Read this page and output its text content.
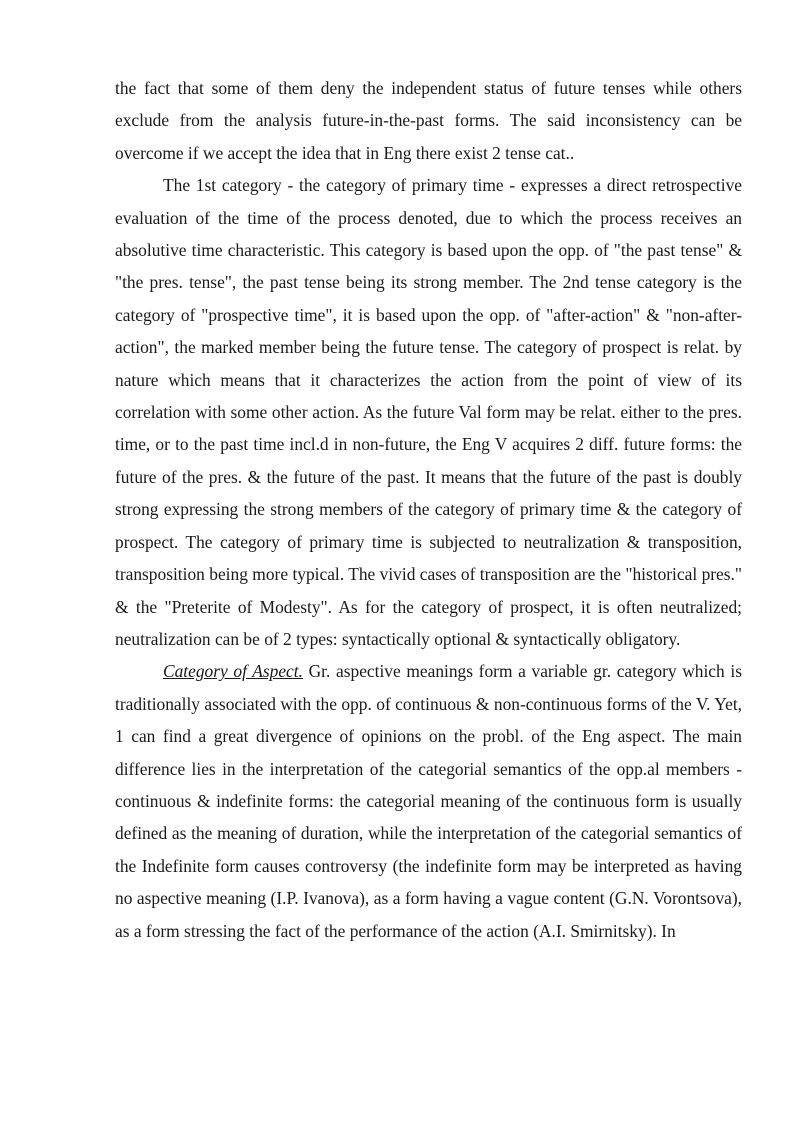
the fact that some of them deny the independent status of future tenses while others exclude from the analysis future-in-the-past forms. The said inconsistency can be overcome if we accept the idea that in Eng there exist 2 tense cat..

The 1st category - the category of primary time - expresses a direct retrospective evaluation of the time of the process denoted, due to which the process receives an absolutive time characteristic. This category is based upon the opp. of "the past tense" & "the pres. tense", the past tense being its strong member. The 2nd tense category is the category of "prospective time", it is based upon the opp. of "after-action" & "non-after-action", the marked member being the future tense. The category of prospect is relat. by nature which means that it characterizes the action from the point of view of its correlation with some other action. As the future Val form may be relat. either to the pres. time, or to the past time incl.d in non-future, the Eng V acquires 2 diff. future forms: the future of the pres. & the future of the past. It means that the future of the past is doubly strong expressing the strong members of the category of primary time & the category of prospect. The category of primary time is subjected to neutralization & transposition, transposition being more typical. The vivid cases of transposition are the "historical pres." & the "Preterite of Modesty". As for the category of prospect, it is often neutralized; neutralization can be of 2 types: syntactically optional & syntactically obligatory.

Category of Aspect. Gr. aspective meanings form a variable gr. category which is traditionally associated with the opp. of continuous & non-continuous forms of the V. Yet, 1 can find a great divergence of opinions on the probl. of the Eng aspect. The main difference lies in the interpretation of the categorial semantics of the opp.al members - continuous & indefinite forms: the categorial meaning of the continuous form is usually defined as the meaning of duration, while the interpretation of the categorial semantics of the Indefinite form causes controversy (the indefinite form may be interpreted as having no aspective meaning (I.P. Ivanova), as a form having a vague content (G.N. Vorontsova), as a form stressing the fact of the performance of the action (A.I. Smirnitsky). In
